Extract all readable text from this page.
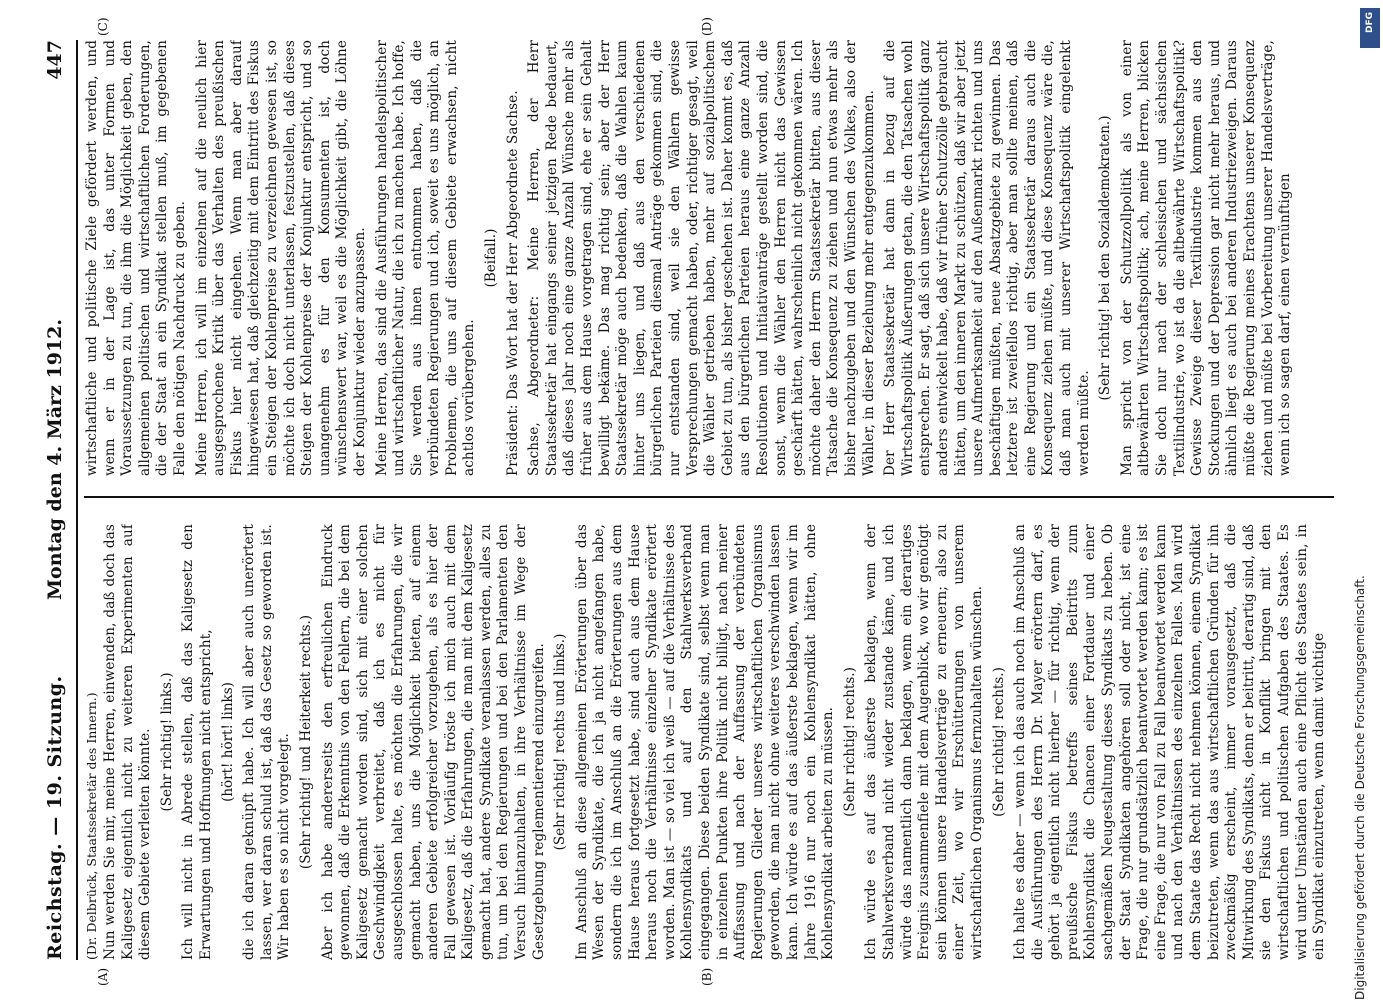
Reichstag. — 19. Sitzung.
Montag den 4. März 1912.
447
(A)	(B)
(C)	(D)
(Dr. Delbrück, Staatssekretär des Innern.) Nun werden Sie mir, meine Herren, einwenden, daß doch das Kaligesetz eigentlich nicht zu weiteren Experimenten auf diesem Gebiete verleiten könnte. (Sehr richtig! links.) Ich will nicht in Abrede stellen, daß das Kaligesetz den Erwartungen und Hoffnungen nicht entspricht, (hört! hört! links) die ich daran geknüpft habe. Ich will aber auch unerörtert lassen, wer daran schuld ist, daß das Gesetz so geworden ist. Wir haben es so nicht vorgelegt. (Sehr richtig! und Heiterkeit rechts.) Aber ich habe andererseits den erfreulichen Eindruck gewonnen, daß die Erkenntnis von den Fehlern, die bei dem Kaligesetz gemacht worden sind, sich mit einer solchen Geschwindigkeit verbreitet, daß ich es nicht für ausgeschlossen halte, es möchten die Erfahrungen, die wir gemacht haben, uns die Möglichkeit bieten, auf einem anderen Gebiete erfolgreicher vorzugehen, als es hier der Fall gewesen ist. Vorläufig tröste ich mich auch mit dem Kaligesetz, daß die Erfahrungen, die man mit dem Kaligesetz gemacht hat, andere Syndikate veranlassen werden, alles zu tun, um bei den Regierungen und bei den Parlamenten den Versuch hintanzuhalten, in ihre Verhältnisse im Wege der Gesetzgebung reglementierend einzugreifen. (Sehr richtig! rechts und links.) Im Anschluß an diese allgemeinen Erörterungen über das Wesen der Syndikate, die ich ja nicht angefangen habe, sondern die ich im Anschluß an die Erörterungen aus dem Hause heraus fortgesetzt habe, sind auch aus dem Hause heraus noch die Verhältnisse einzelner Syndikate erörtert worden. Man ist — so viel ich weiß — auf die Verhältnisse des Kohlensyndikats und auf den Stahlwerksverband eingegangen. Diese beiden Syndikate sind, selbst wenn man in einzelnen Punkten ihre Politik nicht billigt, nach meiner Auffassung und nach der Auffassung der verbündeten Regierungen Glieder unseres wirtschaftlichen Organismus geworden, die man nicht ohne weiteres verschwinden lassen kann. Ich würde es auf das äußerste beklagen, wenn wir im Jahre 1916 nur noch ein Kohlensyndikat hätten, ohne Kohlensyndikat arbeiten zu müssen. (Sehr richtig! rechts.) Ich würde es auf das äußerste beklagen, wenn der Stahlwerksverband nicht wieder zustande käme, und ich würde das namentlich dann beklagen, wenn ein derartiges Ereignis zusammenfiele mit dem Augenblick, wo wir genötigt sein können unsere Handelsverträge zu erneuern; also zu einer Zeit, wo wir Erschütterungen von unserem wirtschaftlichen Organismus fernzuhalten wünschen. (Sehr richtig! rechts.) Ich halte es daher — wenn ich das auch noch im Anschluß an die Ausführungen des Herrn Dr. Mayer erörtern darf, es gehört ja eigentlich nicht hierher — für richtig, wenn der preußische Fiskus betreffs seines Beitritts zum Kohlensyndikat die Chancen einer Fortdauer und einer sachgemäßen Neugestaltung dieses Syndikats zu heben. Ob der Staat Syndikaten angehören soll oder nicht, ist eine Frage, die nur grundsätzlich beantwortet werden kann; es ist eine Frage, die nur von Fall zu Fall beantwortet werden kann und nach den Verhältnissen des einzelnen Falles. Man wird dem Staate das Recht nicht nehmen können, einem Syndikat beizutreten, wenn das aus wirtschaftlichen Gründen für ihn zweckmäßig erscheint, immer vorausgesetzt, daß die Mitwirkung des Syndikats, denn er beitritt, derartig sind, daß sie den Fiskus nicht in Konflikt bringen mit den wirtschaftlichen und politischen Aufgaben des Staates. Es wird unter Umständen auch eine Pflicht des Staates sein, in ein Syndikat einzutreten, wenn damit wichtige

wirtschaftliche und politische Ziele gefördert werden, und wenn er in der Lage ist, das unter Formen und Voraussetzungen zu tun, die ihm die Möglichkeit geben, den allgemeinen politischen und wirtschaftlichen Forderungen, die der Staat an ein Syndikat stellen muß, im gegebenen Falle den nötigen Nachdruck zu geben. Meine Herren, ich will im einzelnen auf die neulich hier ausgesprochene Kritik über das Verhalten des preußischen Fiskus hier nicht eingehen. Wenn man aber darauf hingewiesen hat, daß gleichzeitig mit dem Eintritt des Fiskus ein Steigen der Kohlenpreise zu verzeichnen gewesen ist, so möchte ich doch nicht unterlassen, festzustellen, daß dieses Steigen der Kohlenpreise der Konjunktur entspricht, und so unangenehm es für den Konsumenten ist, doch wünschenswert war, weil es die Möglichkeit gibt, die Löhne der Konjunktur wieder anzupassen. Meine Herren, das sind die Ausführungen handelspolitischer und wirtschaftlicher Natur, die ich zu machen habe. Ich hoffe, Sie werden aus ihnen entnommen haben, daß die verbündeten Regierungen und ich, soweit es uns möglich, an Problemen, die uns auf diesem Gebiete erwachsen, nicht achtlos vorübergehen.

(Beifall.) Präsident: Das Wort hat der Herr Abgeordnete Sachse. Sachse, Abgeordneter: Meine Herren, der Herr Staatssekretär hat eingangs seiner jetzigen Rede bedauert, daß dieses Jahr noch eine ganze Anzahl Wünsche mehr als früher aus dem Hause vorgetragen sind, ehe er sein Gehalt bewilligt bekäme. Das mag richtig sein; aber der Herr Staatssekretär möge auch bedenken, daß die Wahlen kaum hinter uns liegen, und daß aus den verschiedenen bürgerlichen Parteien diesmal Anträge gekommen sind, die nur entstanden sind, weil sie den Wählern gewisse Versprechungen gemacht haben, oder, richtiger gesagt, weil die Wähler getrieben haben, mehr auf sozialpolitischem Gebiet zu tun, als bisher geschehen ist. Daher kommt es, daß aus den bürgerlichen Parteien heraus eine ganze Anzahl Resolutionen und Initiativanträge gestellt worden sind, die sonst, wenn die Wähler den Herren nicht das Gewissen geschärft hätten, wahrscheinlich nicht gekommen wären. Ich möchte daher den Herrn Staatssekretär bitten, aus dieser Tatsache die Konsequenz zu ziehen und nun etwas mehr als bisher nachzugeben und den Wünschen des Volkes, also der Wähler, in dieser Beziehung mehr entgegenzukommen. Der Herr Staatssekretär hat dann in bezug auf die Wirtschaftspolitik Äußerungen getan, die den Tatsachen wohl entsprechen. Er sagt, daß sich unsere Wirtschaftspolitik ganz anders entwickelt habe, daß wir früher Schutzzölle gebraucht hätten, um den inneren Markt zu schützen, daß wir aber jetzt unsere Aufmerksamkeit auf den Außenmarkt richten und uns beschäftigen müßten, neue Absatzgebiete zu gewinnen. Das letztere ist zweifellos richtig, aber man sollte meinen, daß eine Regierung und ein Staatssekretär daraus auch die Konsequenz ziehen müßte, und diese Konsequenz wäre die, daß man auch mit unserer Wirtschaftspolitik eingelenkt werden müßte.

(Sehr richtig! bei den Sozialdemokraten.) Man spricht von der Schutzzollpolitik als von einer altbewährten Wirtschaftspolitik; ach, meine Herren, blicken Sie doch nur nach der schlesischen und sächsischen Textilindustrie, wo ist da die altbewährte Wirtschaftspolitik? Gewisse Zweige dieser Textilindustrie kommen aus den Stockungen und der Depression gar nicht mehr heraus, und ähnlich liegt es auch bei anderen Industriezweigen. Daraus müßte die Regierung meines Erachtens unserer Konsequenz ziehen und müßte bei Vorbereitung unserer Handelsverträge, wenn ich so sagen darf, einen vernünftigen

Digitalisierung gefördert durch die Deutsche Forschungsgemeinschaft.
DFG
